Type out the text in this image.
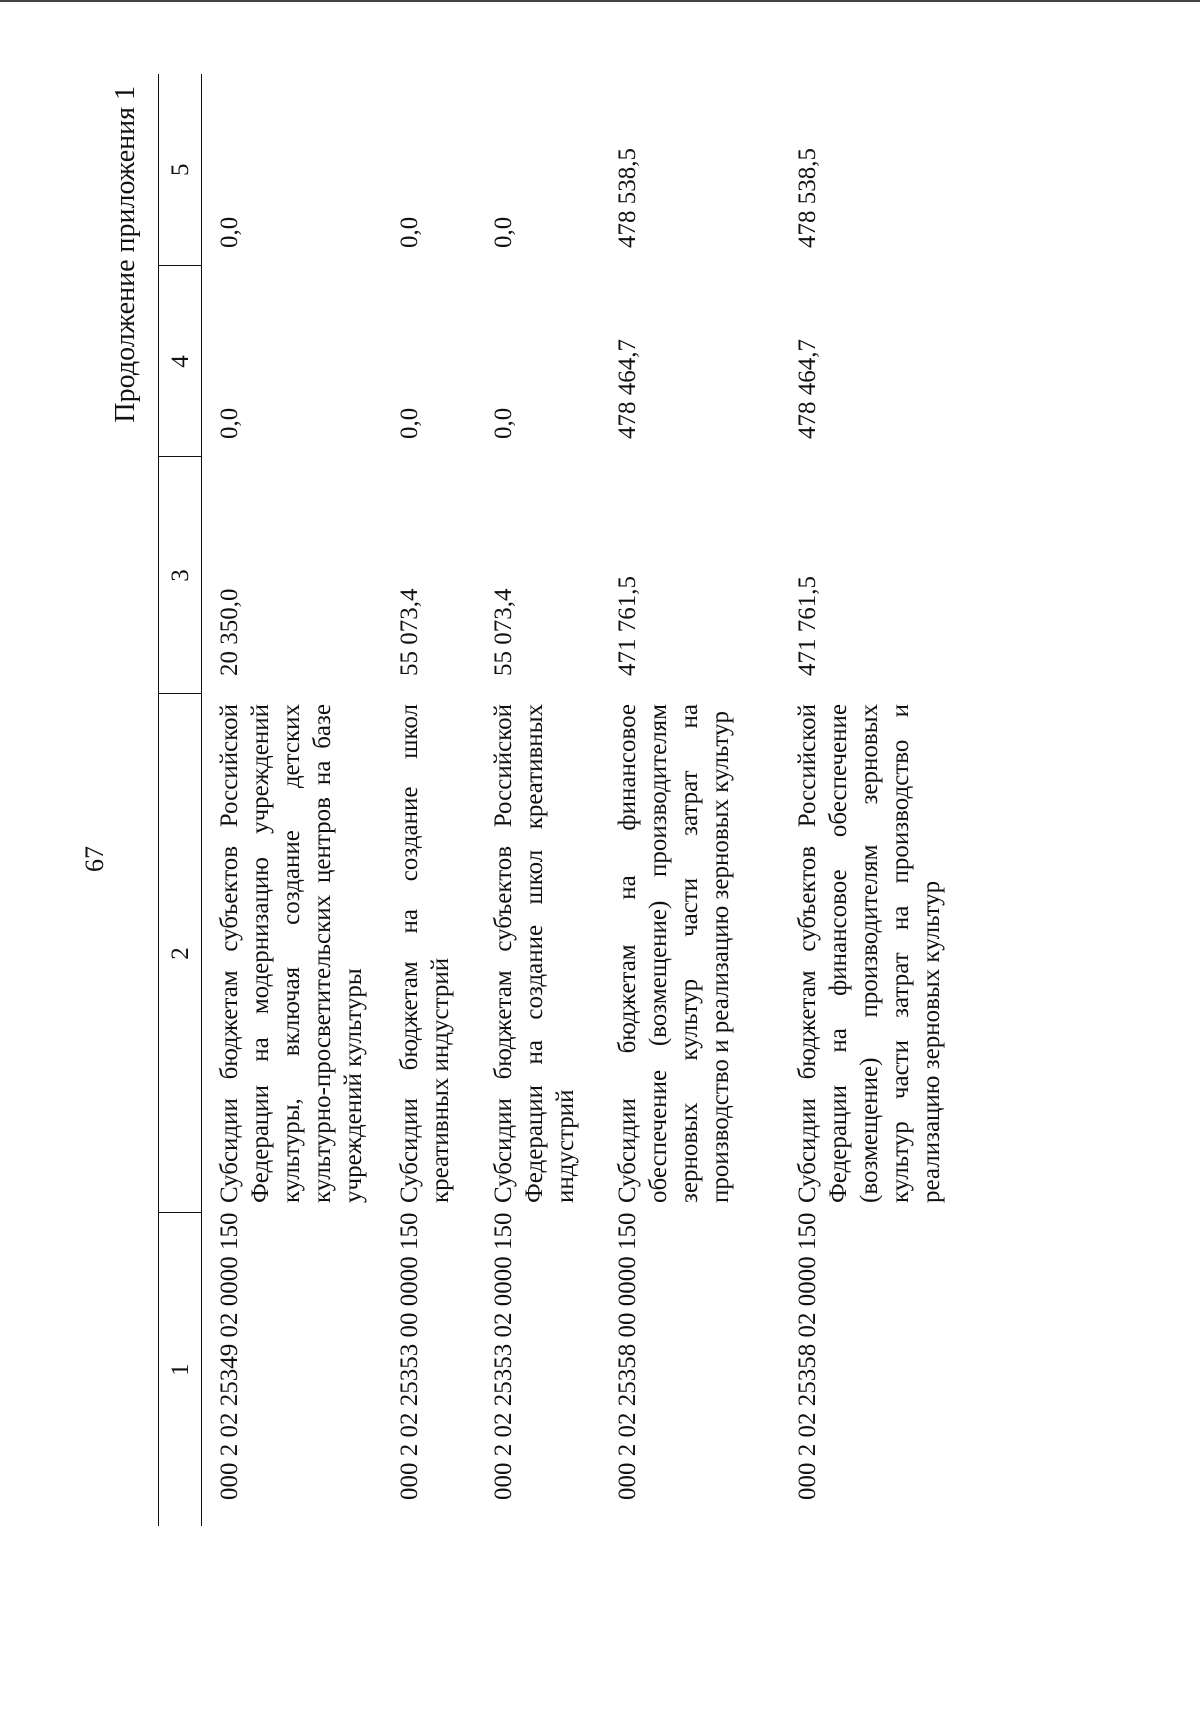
67
Продолжение приложения 1
1	2	3	4	5
000 2 02 25349 02 0000 150	Субсидии бюджетам субъектов Российской Федерации на модернизацию учреждений культуры, включая создание детских культурно-просветительских центров на базе учреждений культуры	20 350,0	0,0	0,0
000 2 02 25353 00 0000 150	Субсидии бюджетам на создание школ креативных индустрий	55 073,4	0,0	0,0
000 2 02 25353 02 0000 150	Субсидии бюджетам субъектов Российской Федерации на создание школ креативных индустрий	55 073,4	0,0	0,0
000 2 02 25358 00 0000 150	Субсидии бюджетам на финансовое обеспечение (возмещение) производителям зерновых культур части затрат на производство и реализацию зерновых культур	471 761,5	478 464,7	478 538,5
000 2 02 25358 02 0000 150	Субсидии бюджетам субъектов Российской Федерации на финансовое обеспечение (возмещение) производителям зерновых культур части затрат на производство и реализацию зерновых культур	471 761,5	478 464,7	478 538,5
